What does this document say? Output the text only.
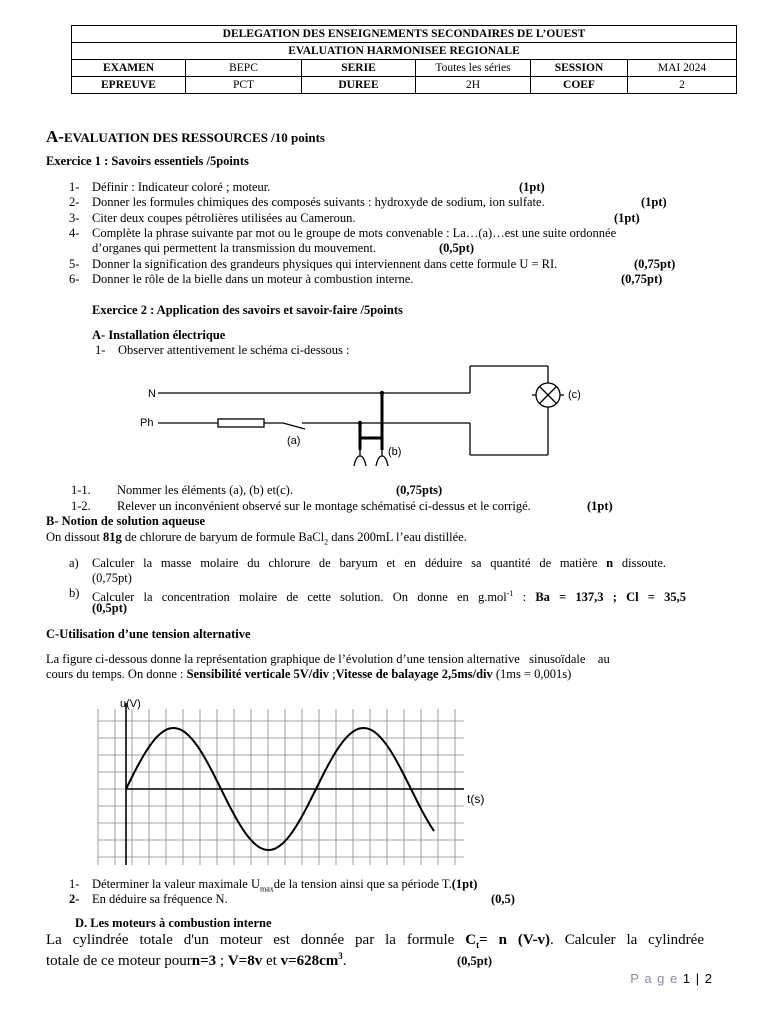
DELEGATION DES ENSEIGNEMENTS SECONDAIRES DE L’OUEST					
EVALUATION HARMONISEE REGIONALE					
EXAMEN	BEPC	SERIE	Toutes les séries	SESSION	MAI 2024
EPREUVE	PCT	DUREE	2H	COEF	2
A-EVALUATION DES RESSOURCES /10 points
Exercice 1 : Savoirs essentiels /5points
1- Définir : Indicateur coloré ; moteur.	(1pt)
2- Donner les formules chimiques des composés suivants : hydroxyde de sodium, ion sulfate.	(1pt)
3- Citer deux coupes pétrolières utilisées au Cameroun.	(1pt)
4- Complète la phrase suivante par mot ou le groupe de mots convenable : La…(a)…est une suite ordonnée
d’organes qui permettent la transmission du mouvement.	(0,5pt)
5- Donner la signification des grandeurs physiques qui interviennent dans cette formule U = RI.	(0,75pt)
6- Donner le rôle de la bielle dans un moteur à combustion interne.	(0,75pt)
Exercice 2 : Application des savoirs et savoir-faire /5points
A- Installation électrique
1- Observer attentivement le schéma ci-dessous :
N
Ph
(a)
(b)
(c)
1-1. Nommer les éléments (a), (b) et(c).	(0,75pts)
1-2. Relever un inconvénient observé sur le montage schématisé ci-dessus et le corrigé.	(1pt)
B- Notion de solution aqueuse
On dissout 81g de chlorure de baryum de formule BaCl$_2$ dans 200mL l’eau distillée.
a) Calculer la masse molaire du chlorure de baryum et en déduire sa quantité de matière n dissoute.
(0,75pt)
b) Calculer la concentration molaire de cette solution. On donne en g.mol$^{-1}$ : Ba = 137,3 ; Cl = 35,5
(0,5pt)
C-Utilisation d’une tension alternative
La figure ci-dessous donne la représentation graphique de l’évolution d’une tension alternative   sinusoïdale    au
cours du temps. On donne : Sensibilité verticale 5V/div ;Vitesse de balayage 2,5ms/div (1ms = 0,001s)
u(V)
t(s)
1- Déterminer la valeur maximale $U_{max}de$ la tension ainsi que sa période T.(1pt)
2- En déduire sa fréquence N.	(0,5)
D. Les moteurs à combustion interne
La cylindrée totale d'un moteur est donnée par la formule $C_t= n$ (V-v). Calculer la cylindrée
totale de ce moteur pourn=3 ; V=8v et $v=628cm^3$.	(0,5pt)
P a g e 1 | 2
